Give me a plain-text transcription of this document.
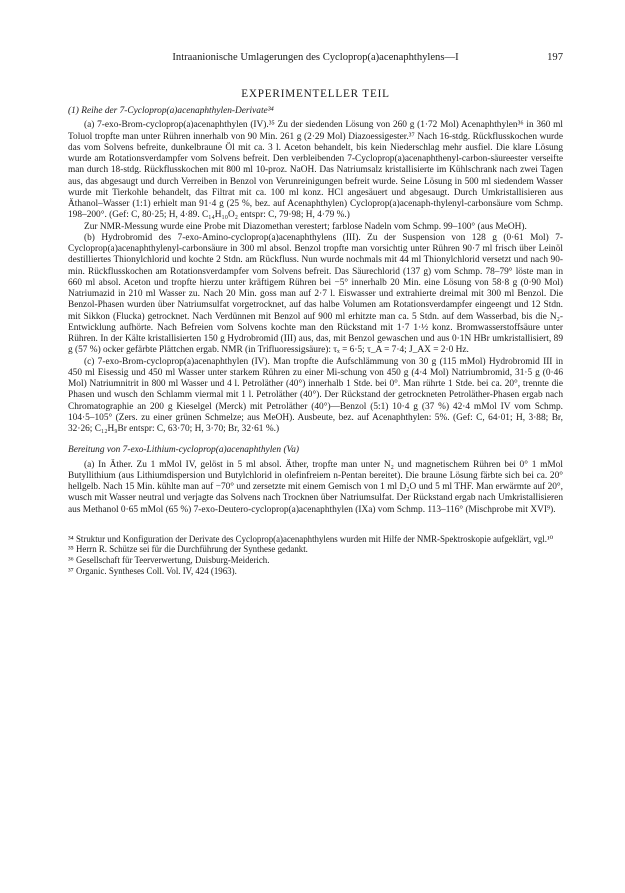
Intraanionische Umlagerungen des Cycloprop(a)acenaphthylens—I	197
EXPERIMENTELLER TEIL

(1) Reihe der 7-Cycloprop(a)acenaphthylen-Derivate³⁴

(a) 7-exo-Brom-cycloprop(a)acenaphthylen (IV).³⁵ Zu der siedenden Lösung von 260 g (1·72 Mol) Acenaphthylen³⁶ in 360 ml Toluol tropfte man unter Rühren innerhalb von 90 Min. 261 g (2·29 Mol) Diazoessigester.³⁷ Nach 16-stdg. Rückflusskochen wurde das vom Solvens befreite, dunkelbraune Öl mit ca. 3 l. Aceton behandelt, bis kein Niederschlag mehr ausfiel. Die klare Lösung wurde am Rotationsverdampfer vom Solvens befreit. Den verbleibenden 7-Cycloprop(a)acenaphthenyl-carbon-säureester verseifte man durch 18-stdg. Rückflusskochen mit 800 ml 10-proz. NaOH. Das Natriumsalz kristallisierte im Kühlschrank nach zwei Tagen aus, das abgesaugt und durch Verreiben in Benzol von Verunreinigungen befreit wurde. Seine Lösung in 500 ml siedendem Wasser wurde mit Tierkohle behandelt, das Filtrat mit ca. 100 ml konz. HCl angesäuert und abgesaugt. Durch Umkristallisieren aus Äthanol–Wasser (1:1) erhielt man 91·4 g (25 %, bez. auf Acenaphthylen) Cycloprop(a)acenaph-thylenyl-carbonsäure vom Schmp. 198–200°. (Gef: C, 80·25; H, 4·89. C₁₄H₁₀O₂ entspr: C, 79·98; H, 4·79 %.)

Zur NMR-Messung wurde eine Probe mit Diazomethan verestert; farblose Nadeln vom Schmp. 99–100° (aus MeOH).

(b) Hydrobromid des 7-exo-Amino-cycloprop(a)acenaphthylens (III). Zu der Suspension von 128 g (0·61 Mol) 7-Cycloprop(a)acenaphthylenyl-carbonsäure in 300 ml absol. Benzol tropfte man vorsichtig unter Rühren 90·7 ml frisch über Leinöl destilliertes Thionylchlorid und kochte 2 Stdn. am Rückfluss. Nun wurde nochmals mit 44 ml Thionylchlorid versetzt und nach 90-min. Rückflusskochen am Rotationsverdampfer vom Solvens befreit. Das Säurechlorid (137 g) vom Schmp. 78–79° löste man in 660 ml absol. Aceton und tropfte hierzu unter kräftigem Rühren bei −5° innerhalb 20 Min. eine Lösung von 58·8 g (0·90 Mol) Natriumazid in 210 ml Wasser zu. Nach 20 Min. goss man auf 2·7 l. Eiswasser und extrahierte dreimal mit 300 ml Benzol. Die Benzol-Phasen wurden über Natriumsulfat vorgetrocknet, auf das halbe Volumen am Rotationsverdampfer eingeengt und 12 Stdn. mit Sikkon (Flucka) getrocknet. Nach Verdünnen mit Benzol auf 900 ml erhitzte man ca. 5 Stdn. auf dem Wasserbad, bis die N₂-Entwicklung aufhörte. Nach Befreien vom Solvens kochte man den Rückstand mit 1·7 1·½ konz. Bromwasserstoffsäure unter Rühren. In der Kälte kristallisierten 150 g Hydrobromid (III) aus, das, mit Benzol gewaschen und aus 0·1N HBr umkristallisiert, 89 g (57 %) ocker gefärbte Plättchen ergab. NMR (in Trifluoressigsäure): τₓ = 6·5; τ_A = 7·4; J_AX = 2·0 Hz.

(c) 7-exo-Brom-cycloprop(a)acenaphthylen (IV). Man tropfte die Aufschlämmung von 30 g (115 mMol) Hydrobromid III in 450 ml Eisessig und 450 ml Wasser unter starkem Rühren zu einer Mi-schung von 450 g (4·4 Mol) Natriumbromid, 31·5 g (0·46 Mol) Natriumnitrit in 800 ml Wasser und 4 l. Petroläther (40°) innerhalb 1 Stde. bei 0°. Man rührte 1 Stde. bei ca. 20°, trennte die Phasen und wusch den Schlamm viermal mit 1 l. Petroläther (40°). Der Rückstand der getrockneten Petroläther-Phasen ergab nach Chromatographie an 200 g Kieselgel (Merck) mit Petroläther (40°)—Benzol (5:1) 10·4 g (37 %) 42·4 mMol IV vom Schmp. 104·5–105° (Zers. zu einer grünen Schmelze; aus MeOH). Ausbeute, bez. auf Acenaphthylen: 5%. (Gef: C, 64·01; H, 3·88; Br, 32·26; C₁₂H₉Br entspr: C, 63·70; H, 3·70; Br, 32·61 %.)

Bereitung von 7-exo-Lithium-cycloprop(a)acenaphthylen (Va)

(a) In Äther. Zu 1 mMol IV, gelöst in 5 ml absol. Äther, tropfte man unter N₂ und magnetischem Rühren bei 0° 1 mMol Butyllithium (aus Lithiumdispersion und Butylchlorid in olefinfreiem n-Pentan bereitet). Die braune Lösung färbte sich bei ca. 20° hellgelb. Nach 15 Min. kühlte man auf −70° und zersetzte mit einem Gemisch von 1 ml D₂O und 5 ml THF. Man erwärmte auf 20°, wusch mit Wasser neutral und verjagte das Solvens nach Trocknen über Natriumsulfat. Der Rückstand ergab nach Umkristallisieren aus Methanol 0·65 mMol (65 %) 7-exo-Deutero-cycloprop(a)acenaphthylen (IXa) vom Schmp. 113–116° (Mischprobe mit XVI⁹).

³⁴ Struktur und Konfiguration der Derivate des Cycloprop(a)acenaphthylens wurden mit Hilfe der NMR-Spektroskopie aufgeklärt, vgl.¹⁰

³⁵ Herrn R. Schütze sei für die Durchführung der Synthese gedankt.

³⁶ Gesellschaft für Teerverwertung, Duisburg-Meiderich.

³⁷ Organic. Syntheses Coll. Vol. IV, 424 (1963).
